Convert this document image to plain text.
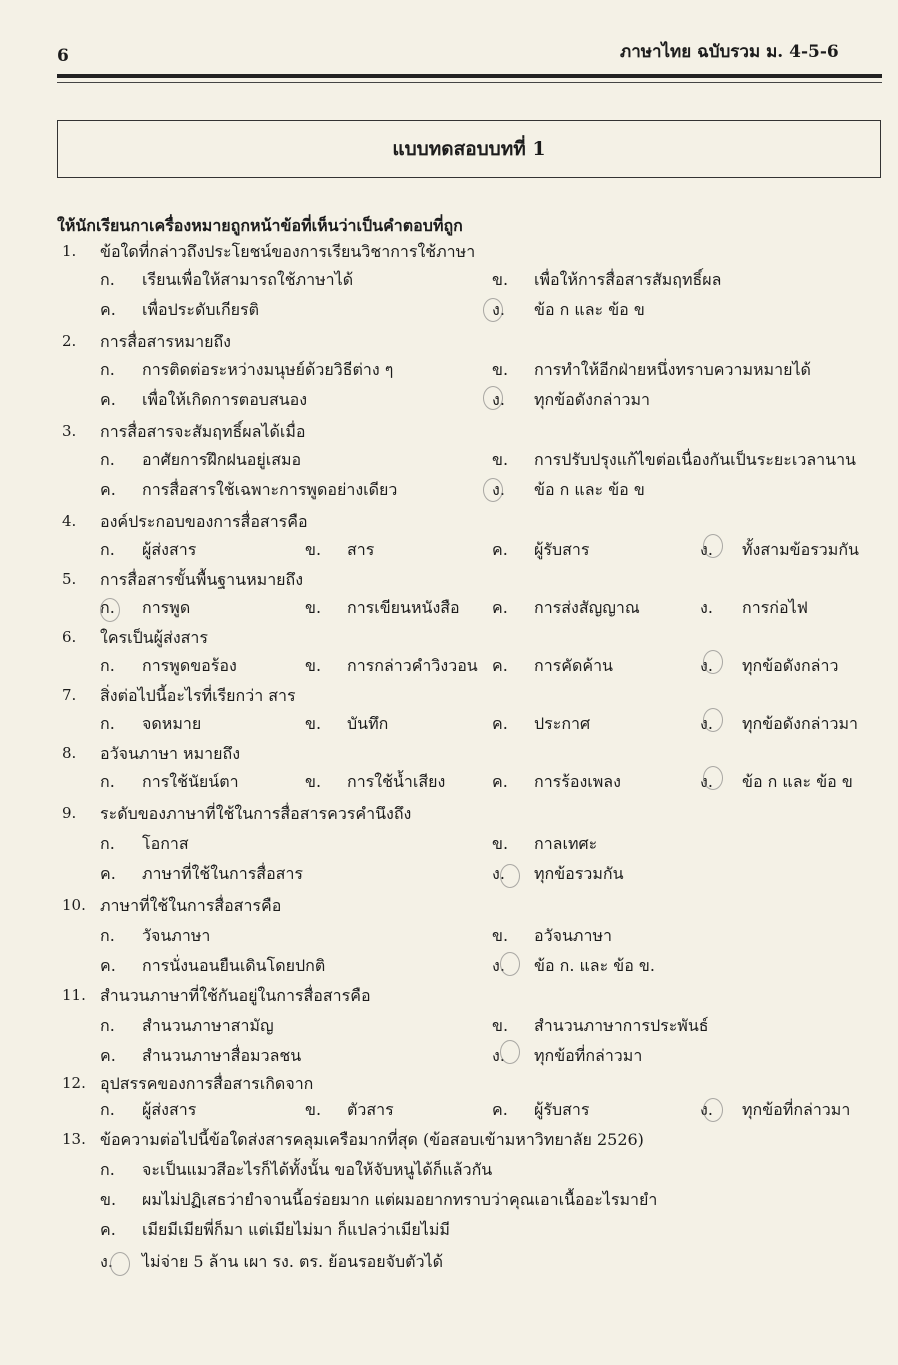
6	ภาษาไทย ฉบับรวม ม. 4-5-6
แบบทดสอบบทที่ 1
ให้นักเรียนกาเครื่องหมายถูกหน้าข้อที่เห็นว่าเป็นคำตอบที่ถูก
1. ข้อใดที่กล่าวถึงประโยชน์ของการเรียนวิชาการใช้ภาษา
ก. เรียนเพื่อให้สามารถใช้ภาษาได้	ข. เพื่อให้การสื่อสารสัมฤทธิ์ผล
ค. เพื่อประดับเกียรติ	ง. ข้อ ก และ ข้อ ข
2. การสื่อสารหมายถึง
ก. การติดต่อระหว่างมนุษย์ด้วยวิธีต่าง ๆ	ข. การทำให้อีกฝ่ายหนึ่งทราบความหมายได้
ค. เพื่อให้เกิดการตอบสนอง	ง. ทุกข้อดังกล่าวมา
3. การสื่อสารจะสัมฤทธิ์ผลได้เมื่อ
ก. อาศัยการฝึกฝนอยู่เสมอ	ข. การปรับปรุงแก้ไขต่อเนื่องกันเป็นระยะเวลานาน
ค. การสื่อสารใช้เฉพาะการพูดอย่างเดียว	ง. ข้อ ก และ ข้อ ข
4. องค์ประกอบของการสื่อสารคือ
ก. ผู้ส่งสาร	ข. สาร	ค. ผู้รับสาร	ง. ทั้งสามข้อรวมกัน
5. การสื่อสารขั้นพื้นฐานหมายถึง
ก. การพูด	ข. การเขียนหนังสือ ค. การส่งสัญญาณ	ง. การก่อไฟ
6. ใครเป็นผู้ส่งสาร
ก. การพูดขอร้อง	ข. การกล่าวคำวิงวอน ค. การคัดค้าน	ง. ทุกข้อดังกล่าว
7. สิ่งต่อไปนี้อะไรที่เรียกว่า สาร
ก. จดหมาย	ข. บันทึก	ค. ประกาศ	ง. ทุกข้อดังกล่าวมา
8. อวัจนภาษา หมายถึง
ก. การใช้นัยน์ตา	ข. การใช้น้ำเสียง	ค. การร้องเพลง	ง. ข้อ ก และ ข้อ ข
9. ระดับของภาษาที่ใช้ในการสื่อสารควรคำนึงถึง
ก. โอกาส	ข. กาลเทศะ
ค. ภาษาที่ใช้ในการสื่อสาร	ง. ทุกข้อรวมกัน
10. ภาษาที่ใช้ในการสื่อสารคือ
ก. วัจนภาษา	ข. อวัจนภาษา
ค. การนั่งนอนยืนเดินโดยปกติ	ง. ข้อ ก. และ ข้อ ข.
11. สำนวนภาษาที่ใช้กันอยู่ในการสื่อสารคือ
ก. สำนวนภาษาสามัญ	ข. สำนวนภาษาการประพันธ์
ค. สำนวนภาษาสื่อมวลชน	ง. ทุกข้อที่กล่าวมา
12. อุปสรรคของการสื่อสารเกิดจาก
ก. ผู้ส่งสาร	ข. ตัวสาร	ค. ผู้รับสาร	ง. ทุกข้อที่กล่าวมา
13. ข้อความต่อไปนี้ข้อใดส่งสารคลุมเครือมากที่สุด (ข้อสอบเข้ามหาวิทยาลัย 2526)
ก. จะเป็นแมวสีอะไรก็ได้ทั้งนั้น ขอให้จับหนูได้ก็แล้วกัน
ข. ผมไม่ปฏิเสธว่ายำจานนี้อร่อยมาก แต่ผมอยากทราบว่าคุณเอาเนื้ออะไรมายำ
ค. เมียมีเมียพี่ก็มา แต่เมียไม่มา ก็แปลว่าเมียไม่มี
ง. ไม่จ่าย 5 ล้าน เผา รง. ตร. ย้อนรอยจับตัวได้
